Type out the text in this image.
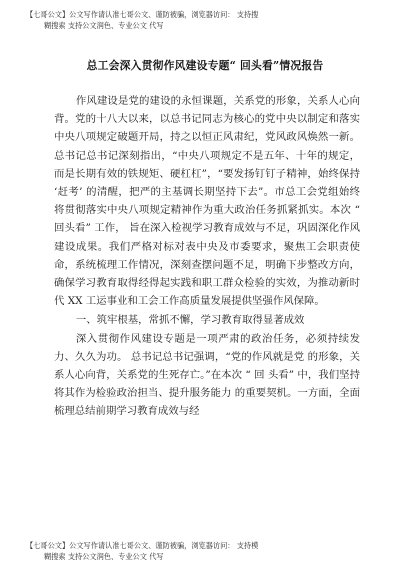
【七哥公文】公文写作请认准七哥公文、谨防被骗，浏览器访问： 支持搜
糊搜索 支持公文润色、专业公文 代写
总工会深入贯彻作风建设专题“ 回头看”情况报告

作风建设是党的建设的永恒课题，关系党的形象，关系人心向背。党的十八大以来，以总书记同志为核心的党中央以制定和落实中央八项规定破题开局，持之以恒正风肃纪，党风政风焕然一新。 总书记总书记深刻指出，“中央八项规定不是五年、十年的规定，而是长期有效的铁规矩、硬杠杠”，“要发扬钉钉子精神，始终保持 ‘赶考’ 的清醒，把严的主基调长期坚持下去”。市总工会党组始终将贯彻落实中央八项规定精神作为重大政治任务抓紧抓实。本次 “ 回头看” 工作， 旨在深入检视学习教育成效与不足，巩固深化作风建设成果。我们严格对标对表中央及市委要求，聚焦工会职责使命，系统梳理工作情况，深刻查摆问题不足，明确下步整改方向，确保学习教育取得经得起实践和职工群众检验的实效，为推动新时代 XX 工运事业和工会工作高质量发展提供坚强作风保障。

一、筑牢根基，常抓不懈，学习教育取得显著成效

深入贯彻作风建设专题是一项严肃的政治任务，必须持续发力、久久为功。 总书记总书记强调，“党的作风就是党 的形象，关系人心向背，关系党的生死存亡。”在本次 “ 回 头看” 中，我们坚持将其作为检验政治担当、提升服务能力 的重要契机。一方面，全面梳理总结前期学习教育成效与经

【七哥公文】公文写作请认准七哥公文、谨防被骗，浏览器访问： 支持模
糊搜索 支持公文润色、专业公文 代写
